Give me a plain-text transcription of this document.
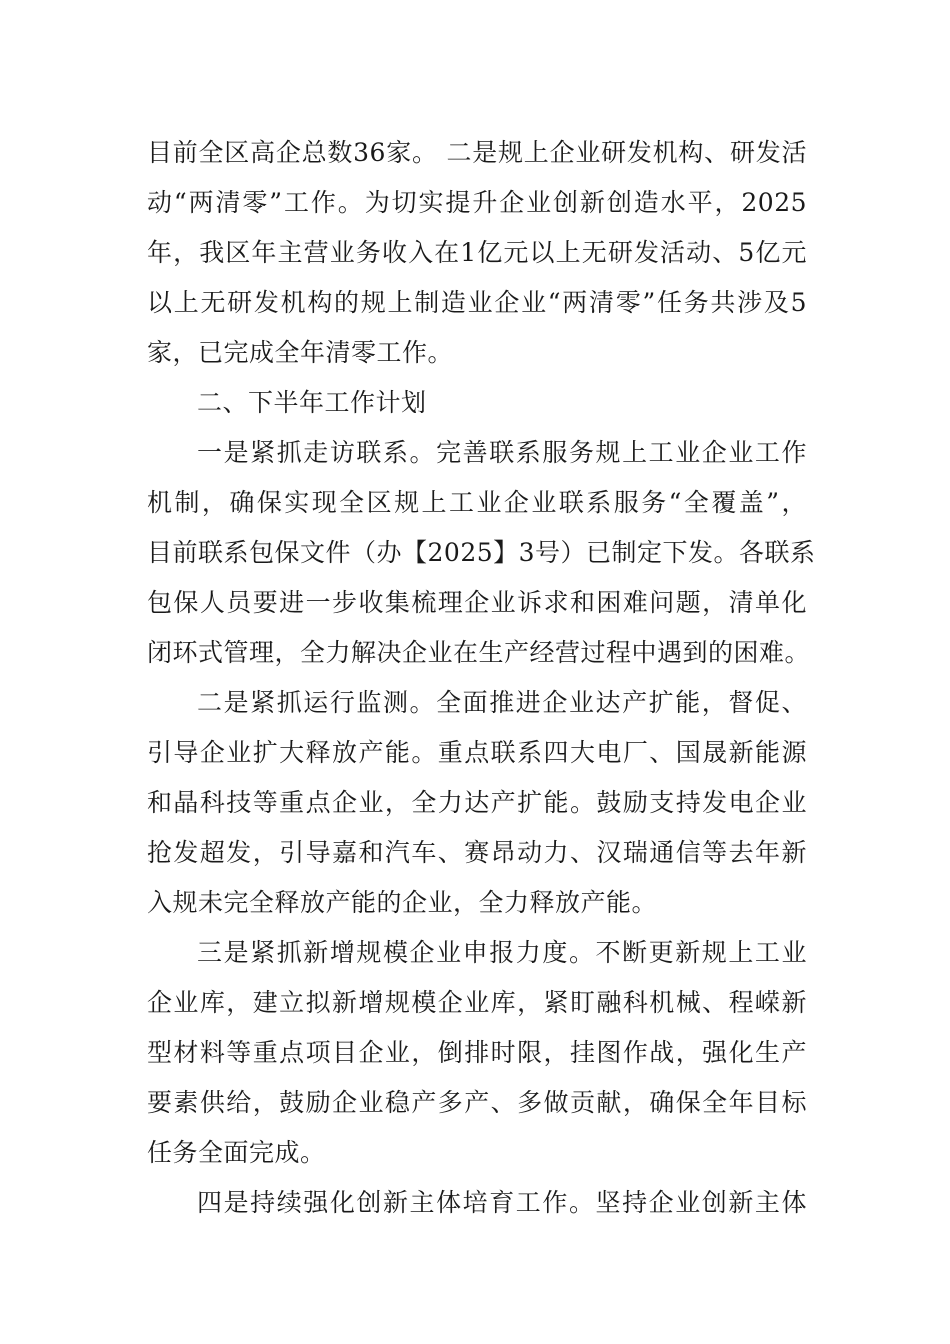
目前全区高企总数36家。 二是规上企业研发机构、研发活
动“两清零”工作。为切实提升企业创新创造水平，2025
年，我区年主营业务收入在1亿元以上无研发活动、5亿元
以上无研发机构的规上制造业企业“两清零”任务共涉及5
家，已完成全年清零工作。
二、下半年工作计划
一是紧抓走访联系。完善联系服务规上工业企业工作
机制，确保实现全区规上工业企业联系服务“全覆盖”，
目前联系包保文件（办【2025】3号）已制定下发。各联系
包保人员要进一步收集梳理企业诉求和困难问题，清单化
闭环式管理，全力解决企业在生产经营过程中遇到的困难。
二是紧抓运行监测。全面推进企业达产扩能，督促、
引导企业扩大释放产能。重点联系四大电厂、国晟新能源
和晶科技等重点企业，全力达产扩能。鼓励支持发电企业
抢发超发，引导嘉和汽车、赛昂动力、汉瑞通信等去年新
入规未完全释放产能的企业，全力释放产能。
三是紧抓新增规模企业申报力度。不断更新规上工业
企业库，建立拟新增规模企业库，紧盯融科机械、程嵘新
型材料等重点项目企业，倒排时限，挂图作战，强化生产
要素供给，鼓励企业稳产多产、多做贡献，确保全年目标
任务全面完成。
四是持续强化创新主体培育工作。坚持企业创新主体
